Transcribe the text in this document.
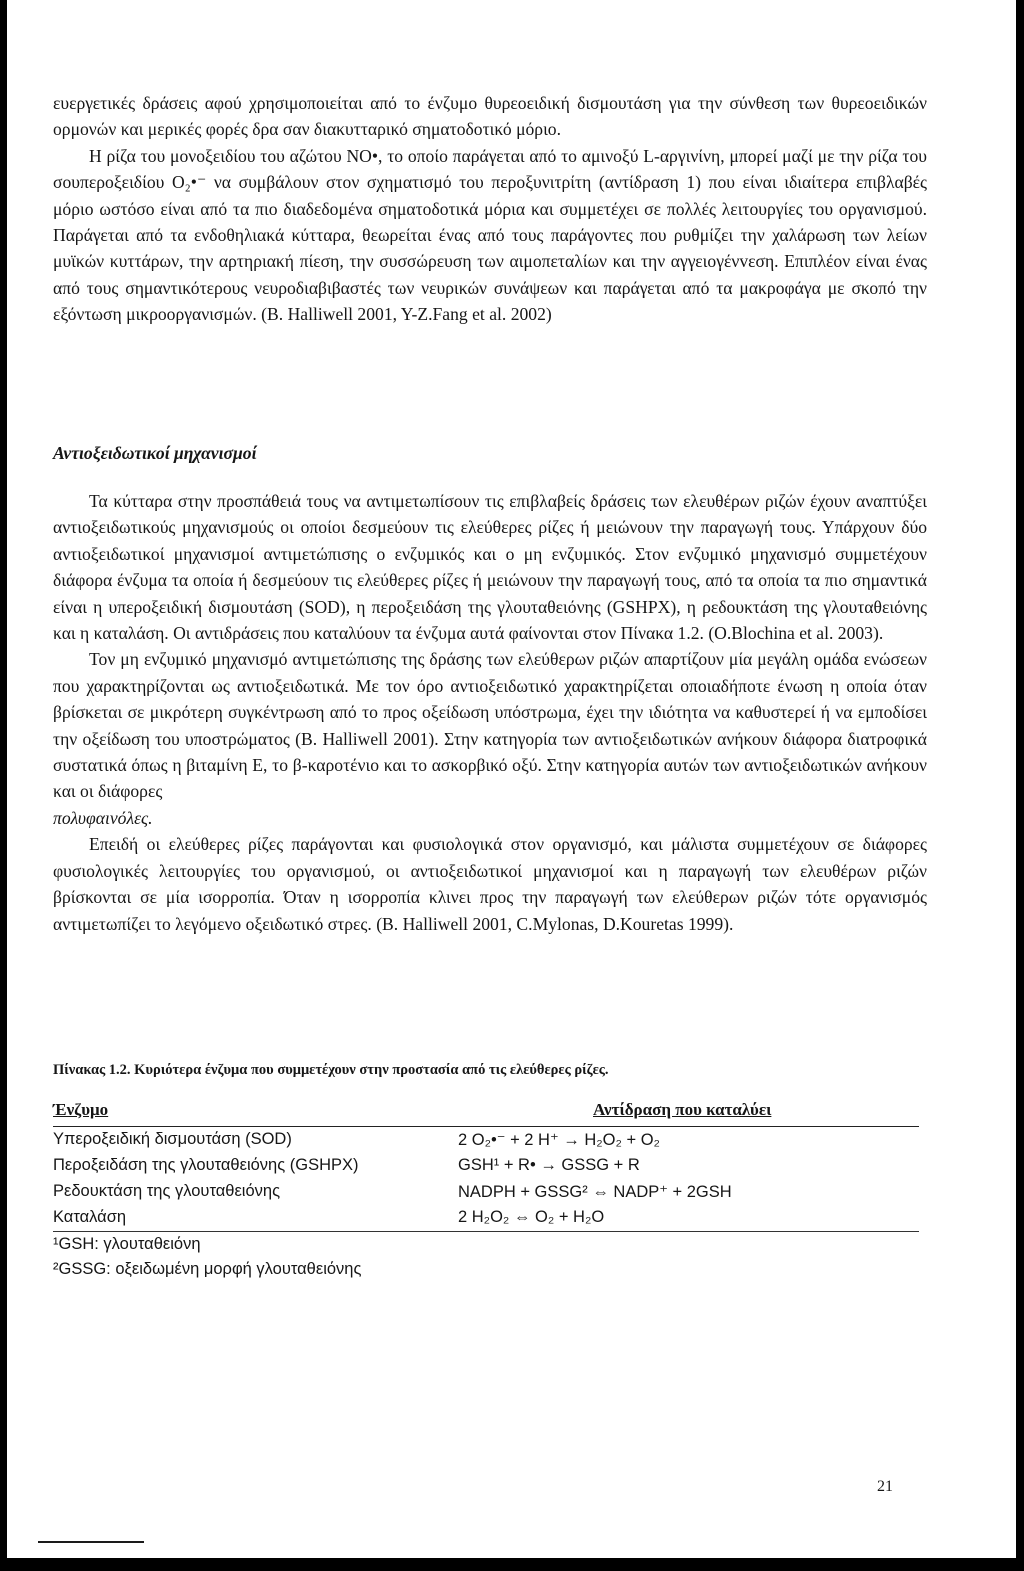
ευεργετικές δράσεις αφού χρησιμοποιείται από το ένζυμο θυρεοειδική δισμουτάση για την σύνθεση των θυρεοειδικών ορμονών και μερικές φορές δρα σαν διακυτταρικό σηματοδοτικό μόριο.

Η ρίζα του μονοξειδίου του αζώτου NO•, το οποίο παράγεται από το αμινοξύ L-αργινίνη, μπορεί μαζί με την ρίζα του σουπεροξειδίου O₂•⁻ να συμβάλουν στον σχηματισμό του περοξυνιτρίτη (αντίδραση 1) που είναι ιδιαίτερα επιβλαβές μόριο ωστόσο είναι από τα πιο διαδεδομένα σηματοδοτικά μόρια και συμμετέχει σε πολλές λειτουργίες του οργανισμού. Παράγεται από τα ενδοθηλιακά κύτταρα, θεωρείται ένας από τους παράγοντες που ρυθμίζει την χαλάρωση των λείων μυϊκών κυττάρων, την αρτηριακή πίεση, την συσσώρευση των αιμοπεταλίων και την αγγειογένvεση. Επιπλέον είναι ένας από τους σημαντικότερους νευροδιαβιβαστές των νευρικών συνάψεων και παράγεται από τα μακροφάγα με σκοπό την εξόντωση μικροοργανισμών. (B. Halliwell 2001, Y-Z.Fang et al. 2002)

Αντιοξειδωτικοί μηχανισμοί

Τα κύτταρα στην προσπάθειά τους να αντιμετωπίσουν τις επιβλαβείς δράσεις των ελευθέρων ριζών έχουν αναπτύξει αντιοξειδωτικούς μηχανισμούς οι οποίοι δεσμεύουν τις ελεύθερες ρίζες ή μειώνουν την παραγωγή τους. Υπάρχουν δύο αντιοξειδωτικοί μηχανισμοί αντιμετώπισης ο ενζυμικός και ο μη ενζυμικός. Στον ενζυμικό μηχανισμό συμμετέχουν διάφορα ένζυμα τα οποία ή δεσμεύουν τις ελεύθερες ρίζες ή μειώνουν την παραγωγή τους, από τα οποία τα πιο σημαντικά είναι η υπεροξειδική δισμουτάση (SOD), η περοξειδάση της γλουταθειόνης (GSHPX), η ρεδουκτάση της γλουταθειόνης και η καταλάση. Οι αντιδράσεις που καταλύουν τα ένζυμα αυτά φαίνονται στον Πίνακα 1.2. (O.Blochina et al. 2003).

Τον μη ενζυμικό μηχανισμό αντιμετώπισης της δράσης των ελεύθερων ριζών απαρτίζουν μία μεγάλη ομάδα ενώσεων που χαρακτηρίζονται ως αντιοξειδωτικά. Με τον όρο αντιοξειδωτικό χαρακτηρίζεται οποιαδήποτε ένωση η οποία όταν βρίσκεται σε μικρότερη συγκέντρωση από το προς οξείδωση υπόστρωμα, έχει την ιδιότητα να καθυστερεί ή να εμποδίσει την οξείδωση του υποστρώματος (B. Halliwell 2001). Στην κατηγορία των αντιοξειδωτικών ανήκουν διάφορα διατροφικά συστατικά όπως η βιταμίνη Ε, το β-καροτένιο και το ασκορβικό οξύ. Στην κατηγορία αυτών των αντιοξειδωτικών ανήκουν και οι διάφορες

πολυφαινόλες.

Επειδή οι ελεύθερες ρίζες παράγονται και φυσιολογικά στον οργανισμό, και μάλιστα συμμετέχουν σε διάφορες φυσιολογικές λειτουργίες του οργανισμού, οι αντιοξειδωτικοί μηχανισμοί και η παραγωγή των ελευθέρων ριζών βρίσκονται σε μία ισορροπία. Όταν η ισορροπία κλινει προς την παραγωγή των ελεύθερων ριζών τότε οργανισμός αντιμετωπίζει το λεγόμενο οξειδωτικό στρες. (B. Halliwell 2001, C.Mylonas, D.Kouretas 1999).

Πίνακας 1.2. Κυριότερα ένζυμα που συμμετέχουν στην προστασία από τις ελεύθερες ρίζες.

Ένζυμο	Αντίδραση που καταλύει
Υπεροξειδική δισμουτάση (SOD)	2 O₂•⁻ + 2 H⁺ → H₂O₂ + O₂
Περοξειδάση της γλουταθειόνης (GSHPX)	GSH¹ + R• → GSSG + R
Ρεδουκτάση της γλουταθειόνης	NADPH + GSSG² ⇔ NADP⁺ + 2GSH
Καταλάση	2 H₂O₂ ⇔ O₂ + H₂O
¹GSH: γλουταθειόνη
²GSSG: οξειδωμένη μορφή γλουταθειόνης

21
